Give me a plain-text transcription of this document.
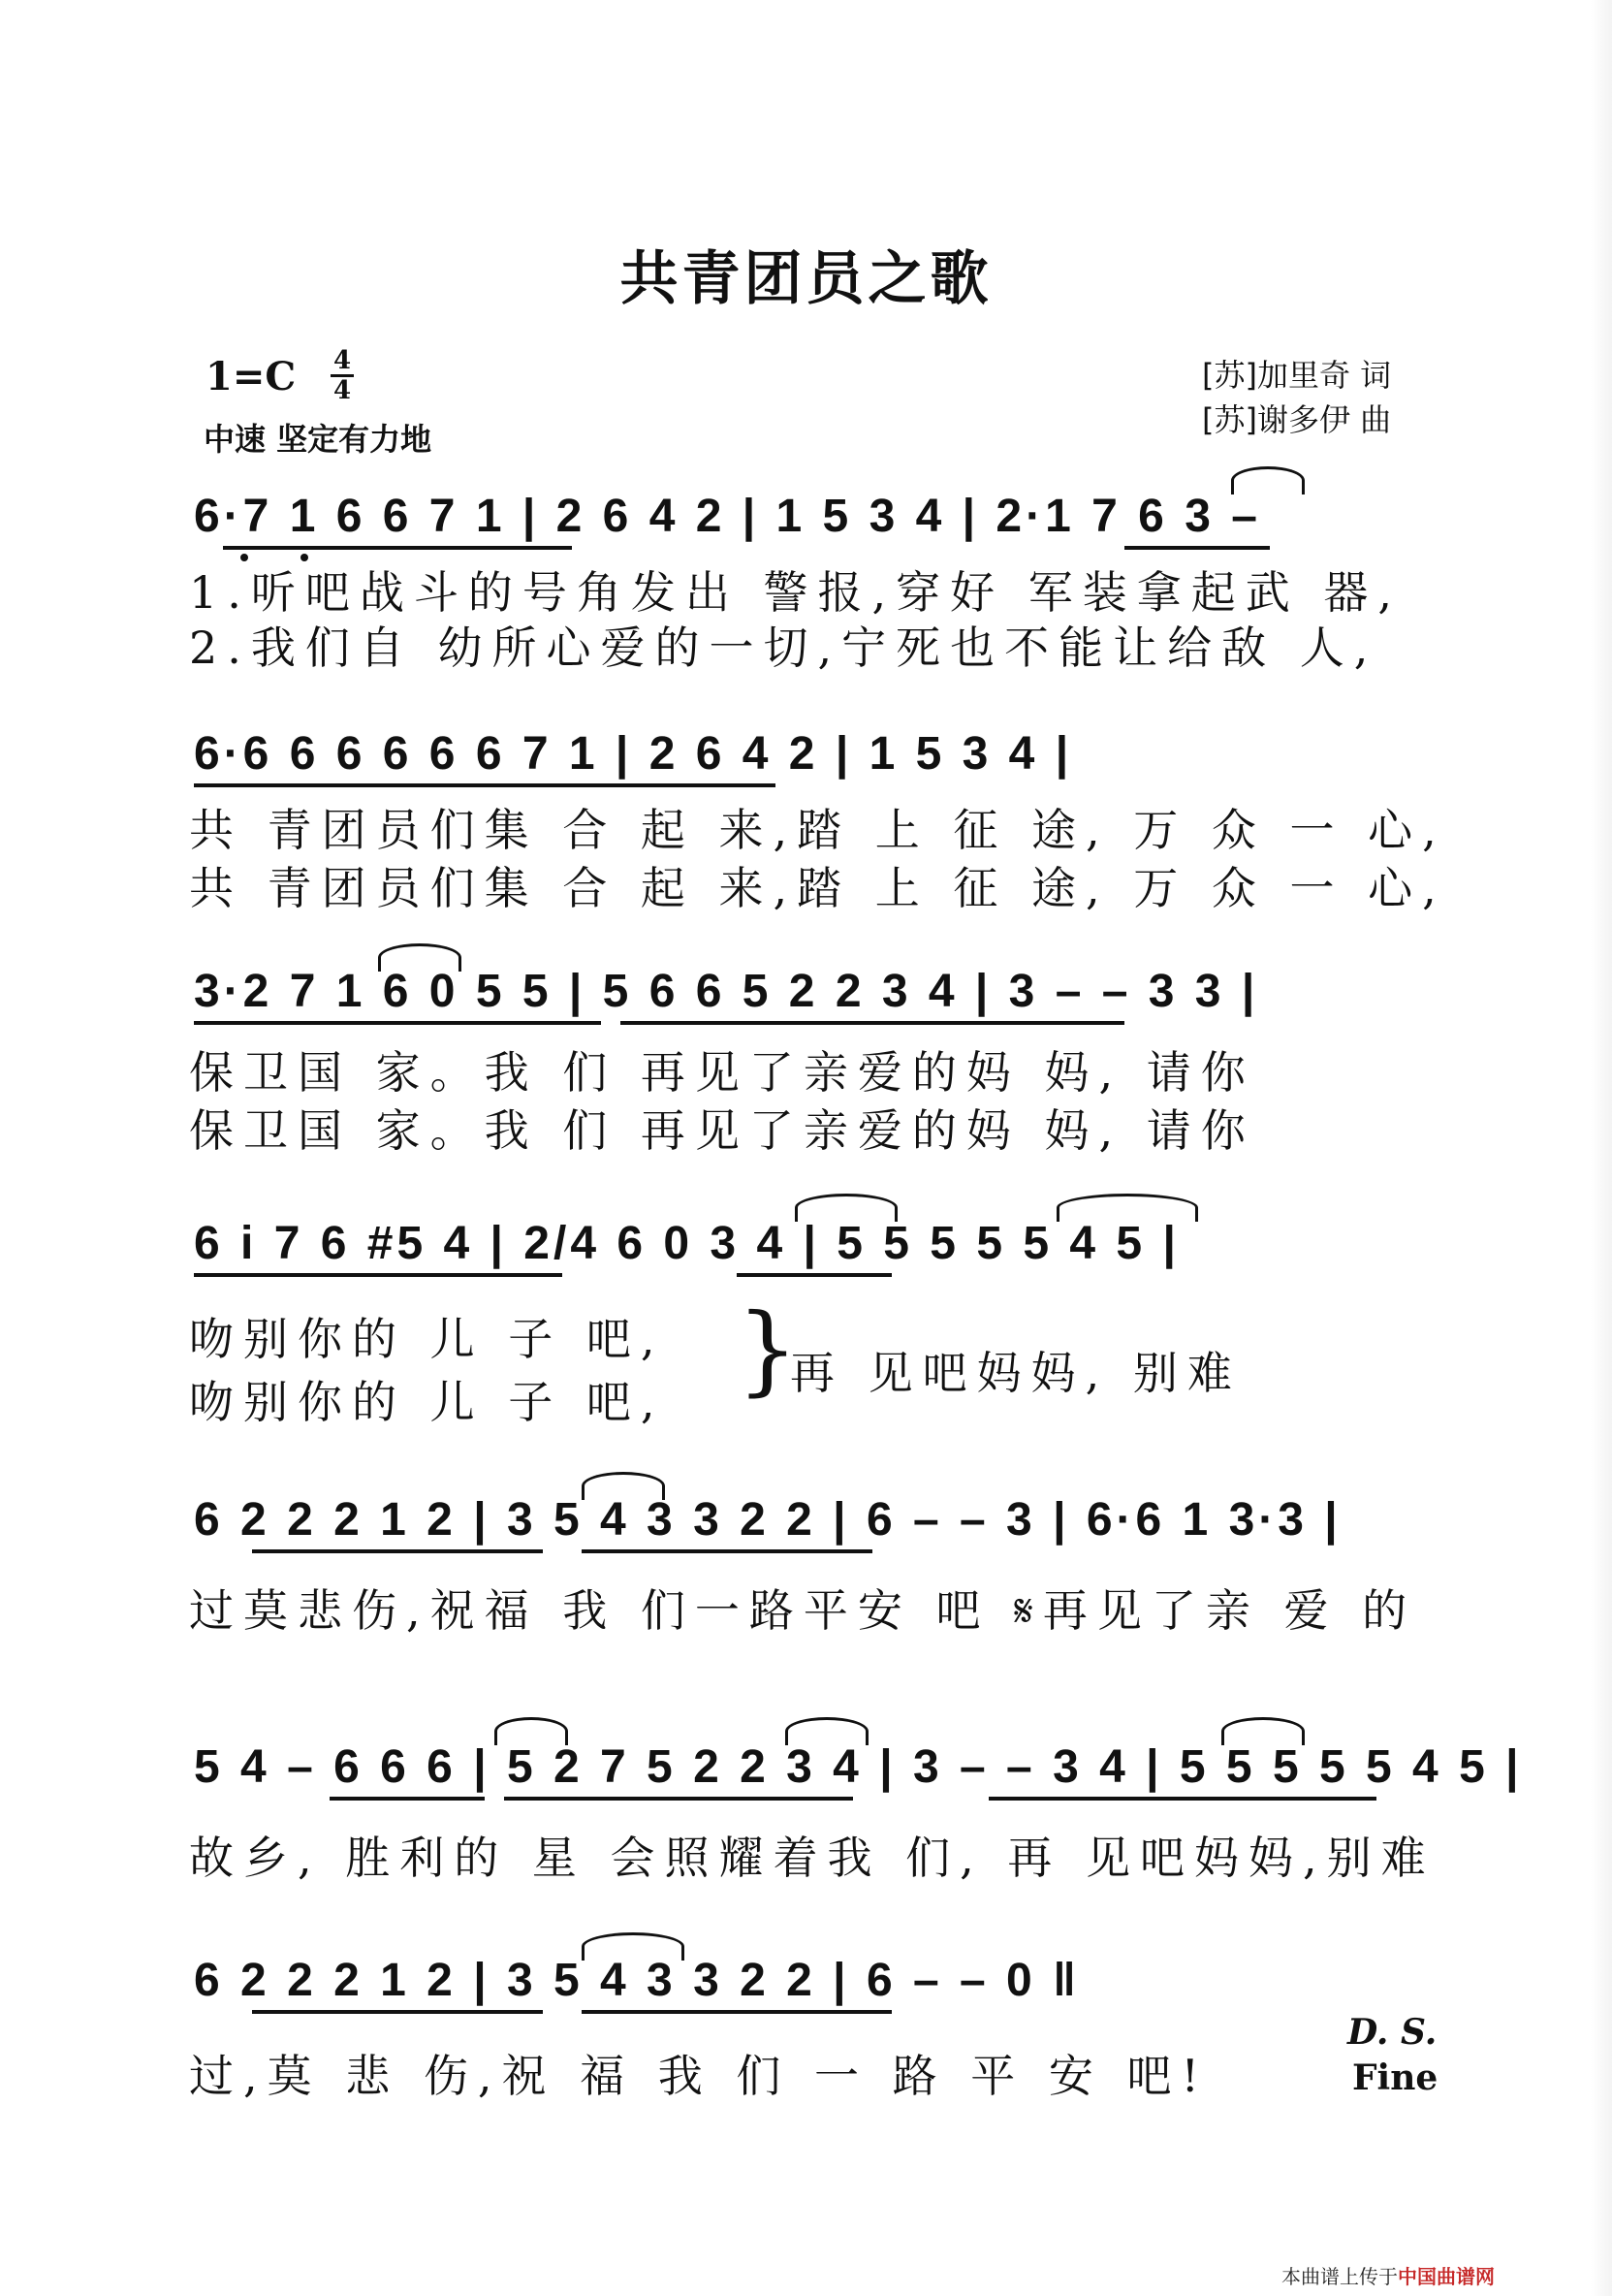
共青团员之歌
1=C 4
4
中速 坚定有力地
[苏]加里奇 词
[苏]谢多伊 曲
6·7 1 6 6 7 1 | 2 6 4 2 | 1 5 3 4 | 2·1 7 6 3 –
1.听吧战斗的号角发出 警报,穿好 军装拿起武 器,
2.我们自 幼所心爱的一切,宁死也不能让给敌 人,
6·6 6 6 6 6 6 7 1 | 2 6 4 2 | 1 5 3 4 |
共 青团员们集 合 起 来,踏 上 征 途, 万 众 一 心,
共 青团员们集 合 起 来,踏 上 征 途, 万 众 一 心,
3·2 7 1 6 0 5 5 | 5 6 6 5 2 2 3 4 | 3 – – 3 3 |
保卫国 家。我 们 再见了亲爱的妈 妈, 请你
保卫国 家。我 们 再见了亲爱的妈 妈, 请你
6 i 7 6 #5 4 | 2/4 6 0 3 4 | 5 5 5 5 5 4 5 |
吻别你的 儿 子 吧,
吻别你的 儿 子 吧, }
再 见吧妈妈, 别难
6 2 2 2 1 2 | 3 5 4 3 3 2 2 | 6 – – 3 | 6·6 1 3·3 |
过莫悲伤,祝福 我 们一路平安 吧 𝄋再见了亲 爱 的
5 4 – 6 6 6 | 5 2 7 5 2 2 3 4 | 3 – – 3 4 | 5 5 5 5 5 4 5 |
故乡, 胜利的 星 会照耀着我 们, 再 见吧妈妈,别难
6 2 2 2 1 2 | 3 5 4 3 3 2 2 | 6 – – 0 ‖
过,莫 悲 伤,祝 福 我 们 一 路 平 安 吧!
D. S.
Fine
本曲谱上传于中国曲谱网
